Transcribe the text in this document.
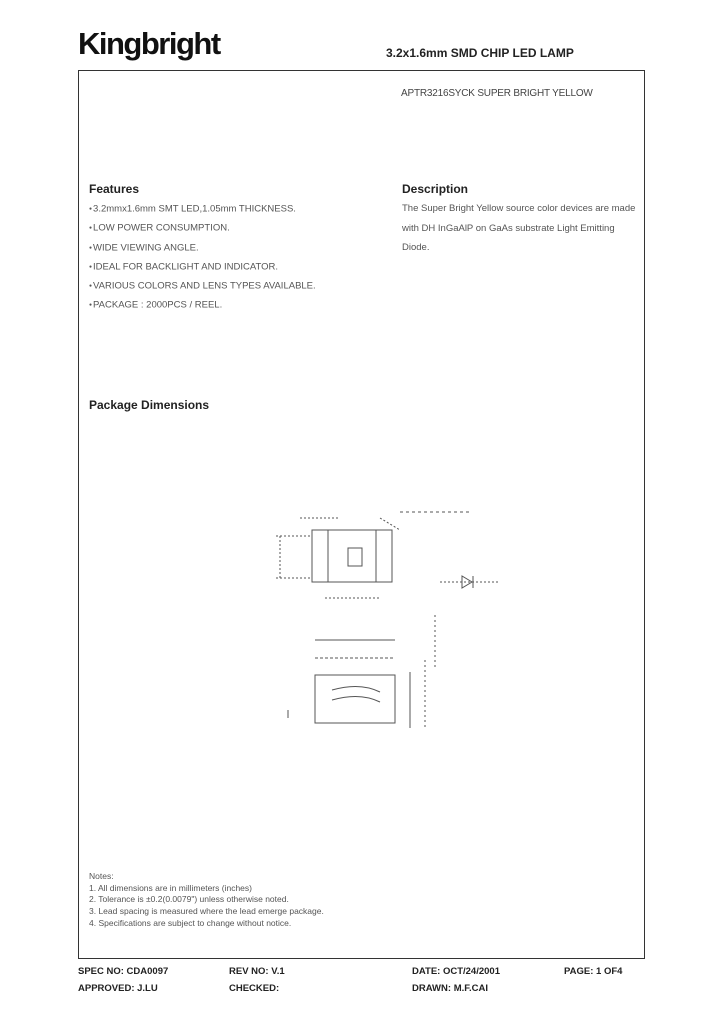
Kingbright	3.2x1.6mm SMD CHIP LED LAMP
APTR3216SYCK SUPER BRIGHT YELLOW
Features
● 3.2mmx1.6mm SMT LED,1.05mm THICKNESS.
● LOW POWER CONSUMPTION.
● WIDE VIEWING ANGLE.
● IDEAL FOR BACKLIGHT AND INDICATOR.
● VARIOUS COLORS AND LENS TYPES AVAILABLE.
● PACKAGE : 2000PCS / REEL.
Description
The Super Bright Yellow source color devices are made
with DH InGaAlP on GaAs substrate Light Emitting
Diode.
Package Dimensions
Notes:
1. All dimensions are in millimeters (inches)
2. Tolerance is ±0.2(0.0079") unless otherwise noted.
3. Lead spacing is measured where the lead emerge package.
4. Specifications are subject to change without notice.
SPEC NO: CDA0097	REV NO: V.1	DATE: OCT/24/2001	PAGE: 1 OF4
APPROVED: J.LU	CHECKED:	DRAWN: M.F.CAI
